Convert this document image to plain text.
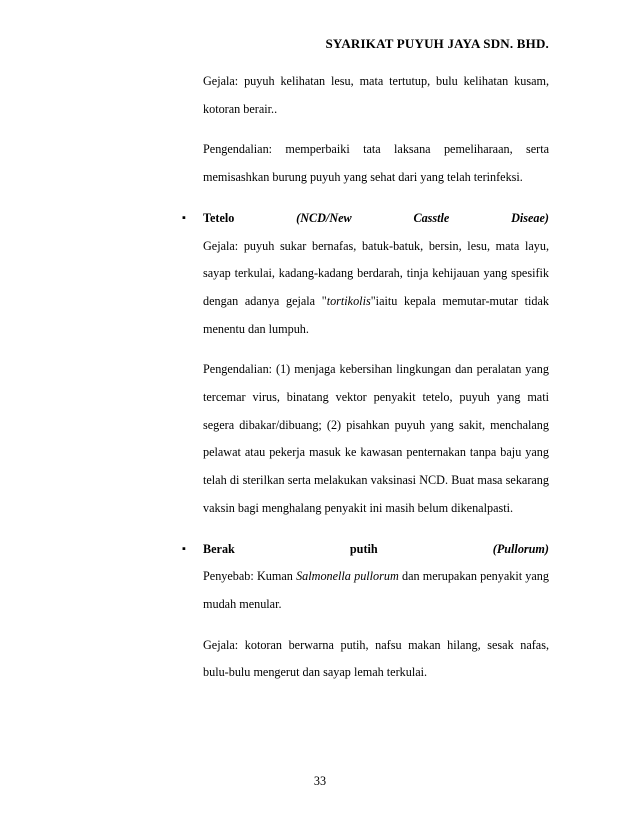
SYARIKAT PUYUH JAYA SDN. BHD.

Gejala: puyuh kelihatan lesu, mata tertutup, bulu kelihatan kusam, kotoran berair..

Pengendalian: memperbaiki tata laksana pemeliharaan, serta memisashkan burung puyuh yang sehat dari yang telah terinfeksi.

▪ Tetelo	(NCD/New	Casstle	Diseae)

Gejala: puyuh sukar bernafas, batuk-batuk, bersin, lesu, mata layu, sayap terkulai, kadang-kadang berdarah, tinja kehijauan yang spesifik dengan adanya gejala "tortikolis"iaitu kepala memutar-mutar tidak menentu dan lumpuh.

Pengendalian: (1) menjaga kebersihan lingkungan dan peralatan yang tercemar virus, binatang vektor penyakit tetelo, puyuh yang mati segera dibakar/dibuang; (2) pisahkan puyuh yang sakit, menchalang pelawat atau pekerja masuk ke kawasan penternakan tanpa baju yang telah di sterilkan serta melakukan vaksinasi NCD. Buat masa sekarang vaksin bagi menghalang penyakit ini masih belum dikenalpasti.

▪ Berak	putih	(Pullorum)

Penyebab: Kuman Salmonella pullorum dan merupakan penyakit yang mudah menular.

Gejala: kotoran berwarna putih, nafsu makan hilang, sesak nafas, bulu-bulu mengerut dan sayap lemah terkulai.

33
